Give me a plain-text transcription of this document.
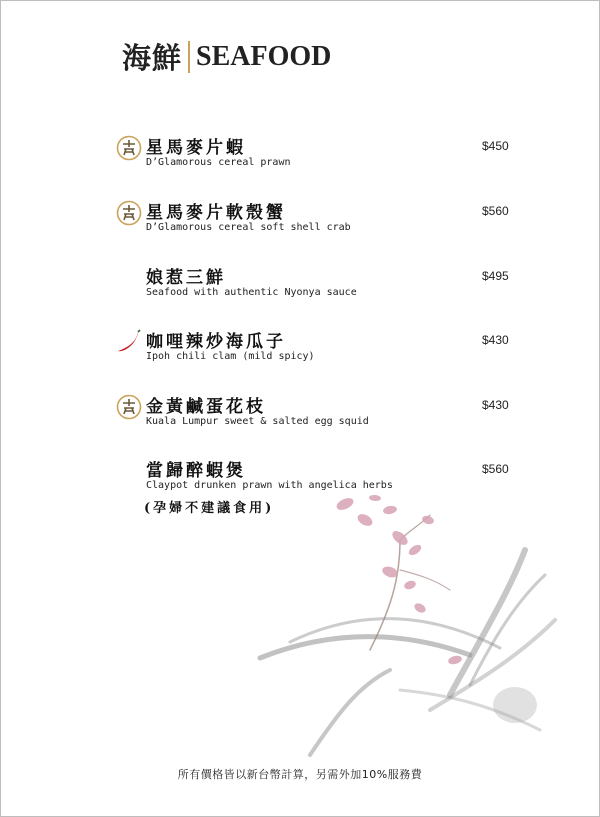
海鮮 SEAFOOD
星馬麥片蝦
D’Glamorous cereal prawn
$450
星馬麥片軟殼蟹
D’Glamorous cereal soft shell crab
$560
娘惹三鮮
Seafood with authentic Nyonya sauce
$495
咖哩辣炒海瓜子
Ipoh chili clam (mild spicy)
$430
金黃鹹蛋花枝
Kuala Lumpur sweet & salted egg squid
$430
當歸醉蝦煲
Claypot drunken prawn with angelica herbs
(孕婦不建議食用)
$560
所有價格皆以新台幣計算，另需外加10%服務費
